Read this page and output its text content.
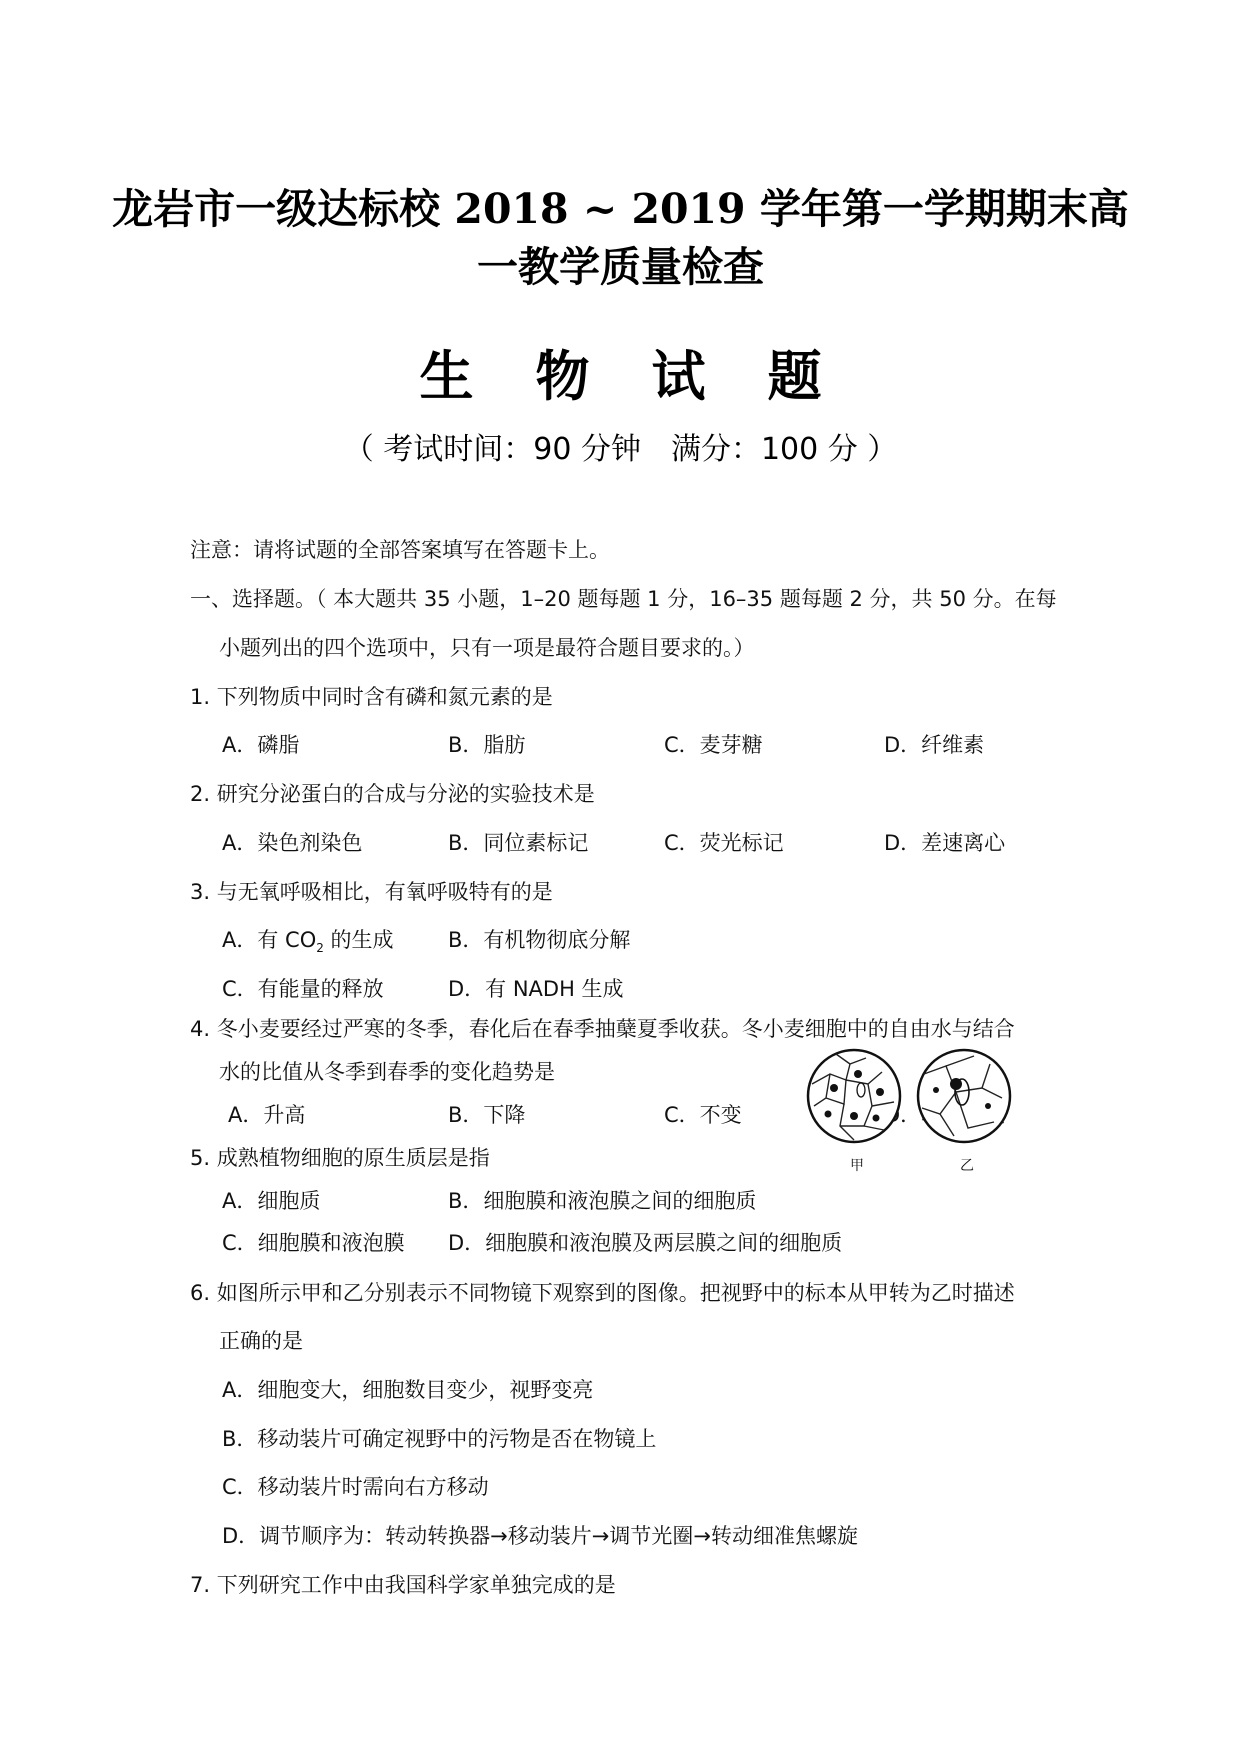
龙岩市一级达标校 2018 ~ 2019 学年第一学期期末高
一教学质量检查
生 物 试 题
（ 考试时间：90 分钟　满分：100 分 ）
注意：请将试题的全部答案填写在答题卡上。
一、选择题。（ 本大题共 35 小题，1–20 题每题 1 分，16–35 题每题 2 分，共 50 分。在每
小题列出的四个选项中，只有一项是最符合题目要求的。）
1. 下列物质中同时含有磷和氮元素的是
A．磷脂	B．脂肪	C．麦芽糖	D．纤维素
2. 研究分泌蛋白的合成与分泌的实验技术是
A．染色剂染色	B．同位素标记	C．荧光标记	D．差速离心
3. 与无氧呼吸相比，有氧呼吸特有的是
A．有 $CO_2$ 的生成	B．有机物彻底分解
C．有能量的释放	D．有 NADH 生成
4. 冬小麦要经过严寒的冬季，春化后在春季抽蘖夏季收获。冬小麦细胞中的自由水与结合
水的比值从冬季到春季的变化趋势是
A．升高	B．下降	C．不变
甲	乙
5. 成熟植物细胞的原生质层是指
A．细胞质	B．细胞膜和液泡膜之间的细胞质
C．细胞膜和液泡膜 D．细胞膜和液泡膜及两层膜之间的细胞质
6. 如图所示甲和乙分别表示不同物镜下观察到的图像。把视野中的标本从甲转为乙时描述
正确的是
A．细胞变大，细胞数目变少，视野变亮
B．移动装片可确定视野中的污物是否在物镜上
C．移动装片时需向右方移动
D．调节顺序为：转动转换器→移动装片→调节光圈→转动细准焦螺旋
7. 下列研究工作中由我国科学家单独完成的是
